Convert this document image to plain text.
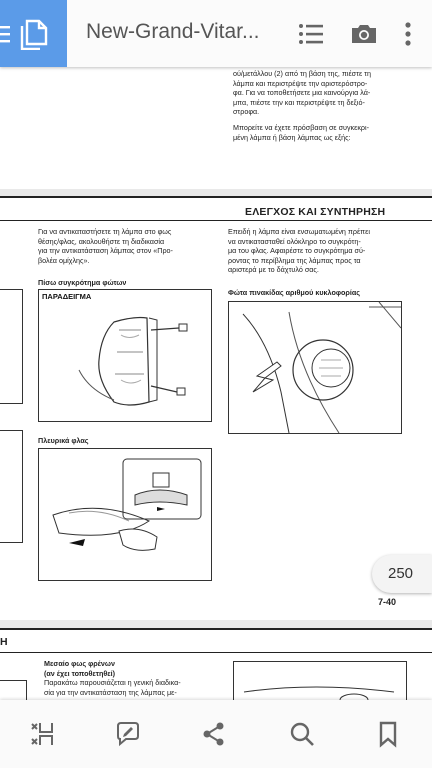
New-Grand-Vitar...
ού/μετάλλου (2) από τη βάση της, πιέστε τη
λάμπα και περιστρέψτε την αριστερόστρο-
φα. Για να τοποθετήσετε μια καινούργια λά-
μπα, πιέστε την και περιστρέψτε τη δεξιό-
στροφα.
Μπορείτε να έχετε πρόσβαση σε συγκεκρι-
μένη λάμπα ή βάση λάμπας ως εξής:
ΕΛΕΓΧΟΣ ΚΑΙ ΣΥΝΤΗΡΗΣΗ
Για να αντικαταστήσετε τη λάμπα στο φως
θέσης/φλας, ακολουθήστε τη διαδικασία
για την αντικατάσταση λάμπας στον «Προ-
βολέα ομίχλης».
Πίσω συγκρότημα φώτων
ΠΑΡΑΔΕΙΓΜΑ
Πλευρικά φλας
Επειδή η λάμπα είναι ενσωματωμένη πρέπει
να αντικατασταθεί ολόκληρο το συγκρότη-
μα του φλας. Αφαιρέστε το συγκρότημα σύ-
ροντας το περίβλημα της λάμπας προς τα
αριστερά με το δάχτυλό σας.
Φώτα πινακίδας αριθμού κυκλοφορίας
7-40
250
Η
Μεσαίο φως φρένων
(αν έχει τοποθετηθεί)
Παρακάτω παρουσιάζεται η γενική διαδικα-
σία για την αντικατάσταση της λάμπας με-
